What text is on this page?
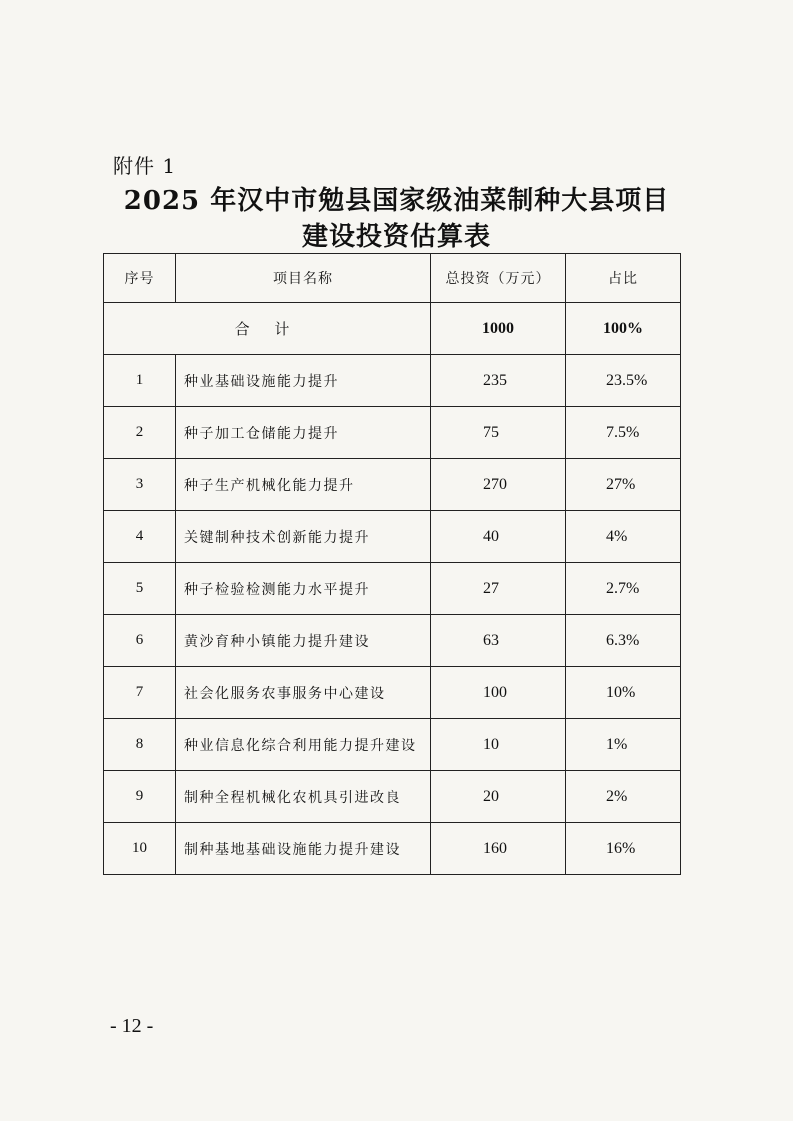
附件 1
2025 年汉中市勉县国家级油菜制种大县项目
建设投资估算表
序号	项目名称	总投资（万元）	占比
合 计		1000	100%
1	种业基础设施能力提升	235	23.5%
2	种子加工仓储能力提升	75	7.5%
3	种子生产机械化能力提升	270	27%
4	关键制种技术创新能力提升	40	4%
5	种子检验检测能力水平提升	27	2.7%
6	黄沙育种小镇能力提升建设	63	6.3%
7	社会化服务农事服务中心建设	100	10%
8	种业信息化综合利用能力提升建设	10	1%
9	制种全程机械化农机具引进改良	20	2%
10	制种基地基础设施能力提升建设	160	16%
- 12 -
